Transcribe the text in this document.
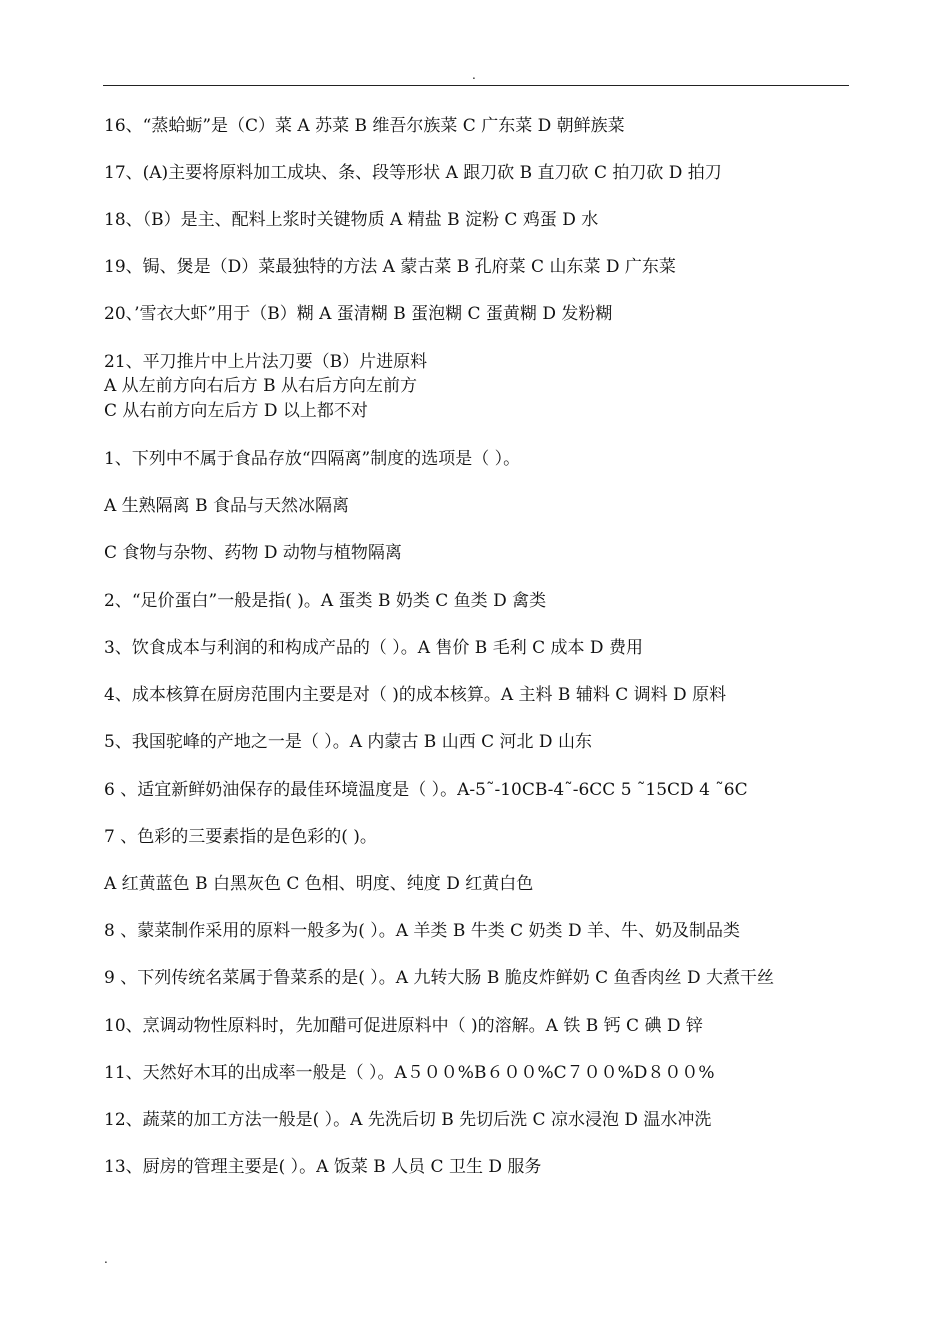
.
16、“蒸蛤蛎”是（C）菜 A 苏菜 B 维吾尔族菜 C 广东菜 D 朝鲜族菜
17、(A)主要将原料加工成块、条、段等形状 A 跟刀砍 B 直刀砍 C 拍刀砍 D 拍刀
18、（B）是主、配料上浆时关键物质 A 精盐 B 淀粉 C 鸡蛋 D 水
19、锔、煲是（D）菜最独特的方法 A 蒙古菜 B 孔府菜 C 山东菜 D 广东菜
20、’雪衣大虾”用于（B）糊 A 蛋清糊 B 蛋泡糊 C 蛋黄糊 D 发粉糊
21、平刀推片中上片法刀要（B）片进原料
A 从左前方向右后方 B 从右后方向左前方
C 从右前方向左后方 D 以上都不对
1、下列中不属于食品存放“四隔离”制度的选项是（ ）。
A 生熟隔离 B 食品与天然冰隔离
C 食物与杂物、药物 D 动物与植物隔离
2、“足价蛋白”一般是指( )。A 蛋类 B 奶类 C 鱼类 D 禽类
3、饮食成本与利润的和构成产品的（ ）。A 售价 B 毛利 C 成本 D 费用
4、成本核算在厨房范围内主要是对（ )的成本核算。A 主料 B 辅料 C 调料 D 原料
5、我国驼峰的产地之一是（ ）。A 内蒙古 B 山西 C 河北 D 山东
6 、适宜新鲜奶油保存的最佳环境温度是（ ）。A-5˜-10CB-4˜-6CC 5 ˜15CD 4 ˜6C
7 、色彩的三要素指的是色彩的( )。
A 红黄蓝色 B 白黑灰色 C 色相、明度、纯度 D 红黄白色
8 、蒙菜制作采用的原料一般多为( ）。A 羊类 B 牛类 C 奶类 D 羊、牛、奶及制品类
9 、下列传统名菜属于鲁菜系的是( ）。A 九转大肠 B 脆皮炸鲜奶 C 鱼香肉丝 D 大煮干丝
10、烹调动物性原料时，先加醋可促进原料中（ )的溶解。A 铁 B 钙 C 碘 D 锌
11、天然好木耳的出成率一般是（ ）。A５００%B６００%C７００%D８００%
12、蔬菜的加工方法一般是( ）。A 先洗后切 B 先切后洗 C 凉水浸泡 D 温水冲洗
13、厨房的管理主要是( ）。A 饭菜 B 人员 C 卫生 D 服务
.
